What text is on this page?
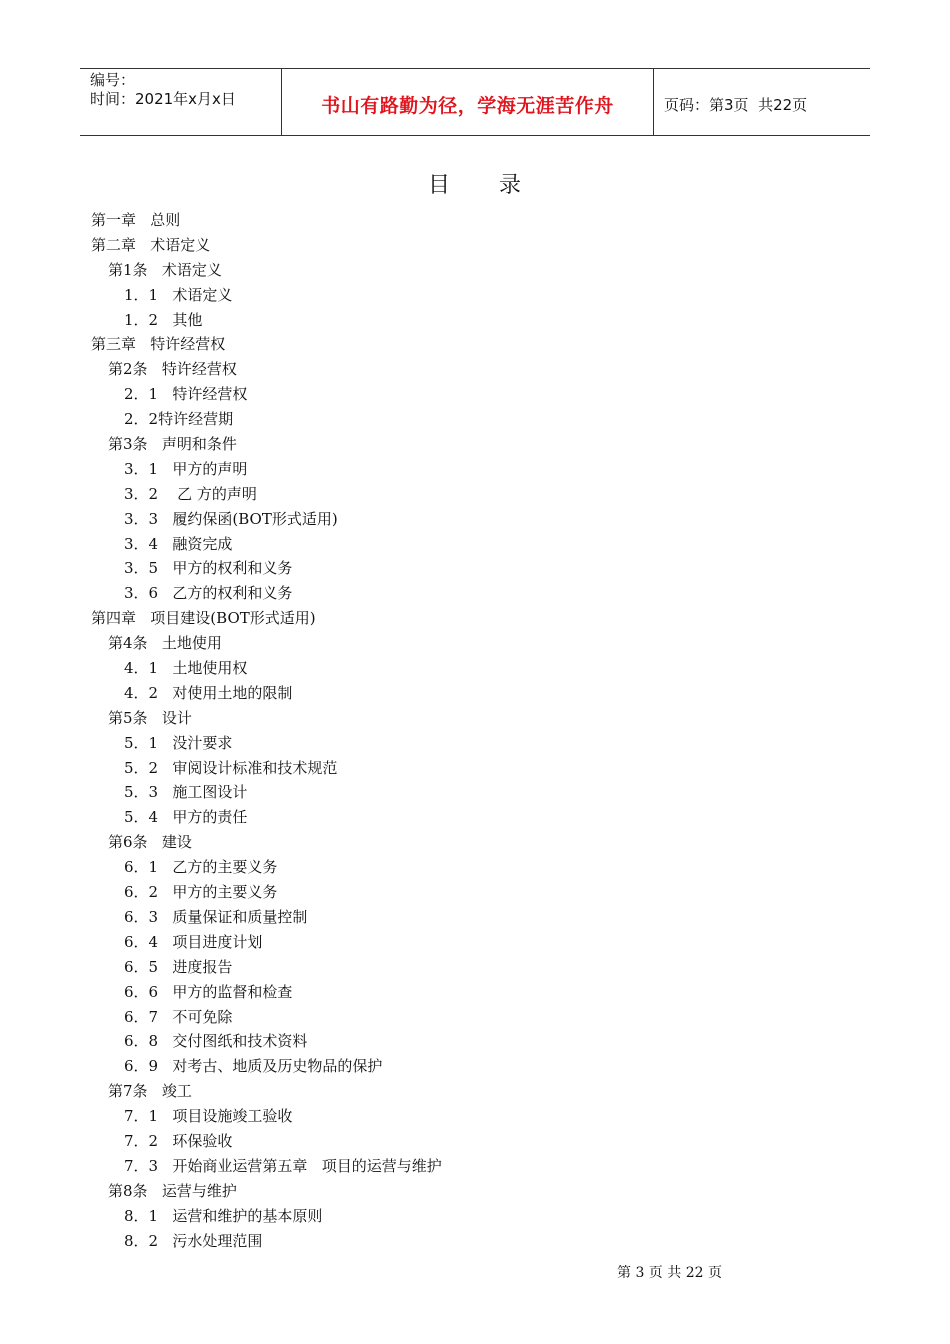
编号：
时间：2021年x月x日	书山有路勤为径，学海无涯苦作舟	页码：第3页  共22页
目 录
第一章   总则
第二章   术语定义
第1条   术语定义
1．1   术语定义
1．2   其他
第三章   特许经营权
第2条   特许经营权
2．1   特许经营权
2．2特许经营期
第3条   声明和条件
3．1   甲方的声明
3．2    乙 方的声明
3．3   履约保函(BOT形式适用)
3．4   融资完成
3．5   甲方的权利和义务
3．6   乙方的权利和义务
第四章   项目建设(BOT形式适用)
第4条   土地使用
4．1   土地使用权
4．2   对使用土地的限制
第5条   设计
5．1   没汁要求
5．2   审阅设计标准和技术规范
5．3   施工图设计
5．4   甲方的责任
第6条   建设
6．1   乙方的主要义务
6．2   甲方的主要义务
6．3   质量保证和质量控制
6．4   项目进度计划
6．5   进度报告
6．6   甲方的监督和检查
6．7   不可免除
6．8   交付图纸和技术资料
6．9   对考古、地质及历史物品的保护
第7条   竣工
7．1   项目设施竣工验收
7．2   环保验收
7．3   开始商业运营第五章   项目的运营与维护
第8条   运营与维护
8．1   运营和维护的基本原则
8．2   污水处理范围
第 3 页 共 22 页
